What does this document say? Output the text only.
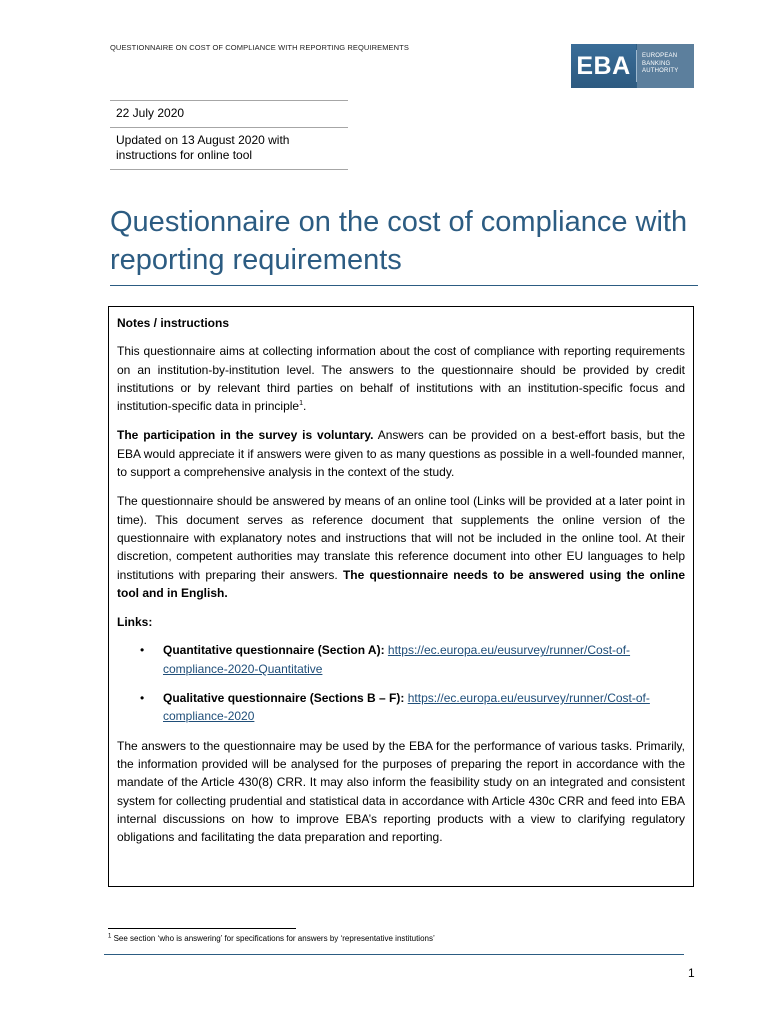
QUESTIONNAIRE ON COST OF COMPLIANCE WITH REPORTING REQUIREMENTS
EBA	EUROPEAN
BANKING
AUTHORITY
22 July 2020
Updated on 13 August 2020 with instructions for online tool
Questionnaire on the cost of compliance with reporting requirements

Notes / instructions

This questionnaire aims at collecting information about the cost of compliance with reporting requirements on an institution-by-institution level. The answers to the questionnaire should be provided by credit institutions or by relevant third parties on behalf of institutions with an institution-specific focus and institution-specific data in principle$^1$.

The participation in the survey is voluntary. Answers can be provided on a best-effort basis, but the EBA would appreciate it if answers were given to as many questions as possible in a well-founded manner, to support a comprehensive analysis in the context of the study.

The questionnaire should be answered by means of an online tool (Links will be provided at a later point in time). This document serves as reference document that supplements the online version of the questionnaire with explanatory notes and instructions that will not be included in the online tool. At their discretion, competent authorities may translate this reference document into other EU languages to help institutions with preparing their answers. The questionnaire needs to be answered using the online tool and in English.

Links:

• Quantitative questionnaire (Section A): https://ec.europa.eu/eusurvey/runner/Cost-of-compliance-2020-Quantitative
• Qualitative questionnaire (Sections B – F): https://ec.europa.eu/eusurvey/runner/Cost-of-compliance-2020

The answers to the questionnaire may be used by the EBA for the performance of various tasks. Primarily, the information provided will be analysed for the purposes of preparing the report in accordance with the mandate of the Article 430(8) CRR. It may also inform the feasibility study on an integrated and consistent system for collecting prudential and statistical data in accordance with Article 430c CRR and feed into EBA internal discussions on how to improve EBA’s reporting products with a view to clarifying regulatory obligations and facilitating the data preparation and reporting.

$^1$ See section ‘who is answering’ for specifications for answers by ‘representative institutions’
1
